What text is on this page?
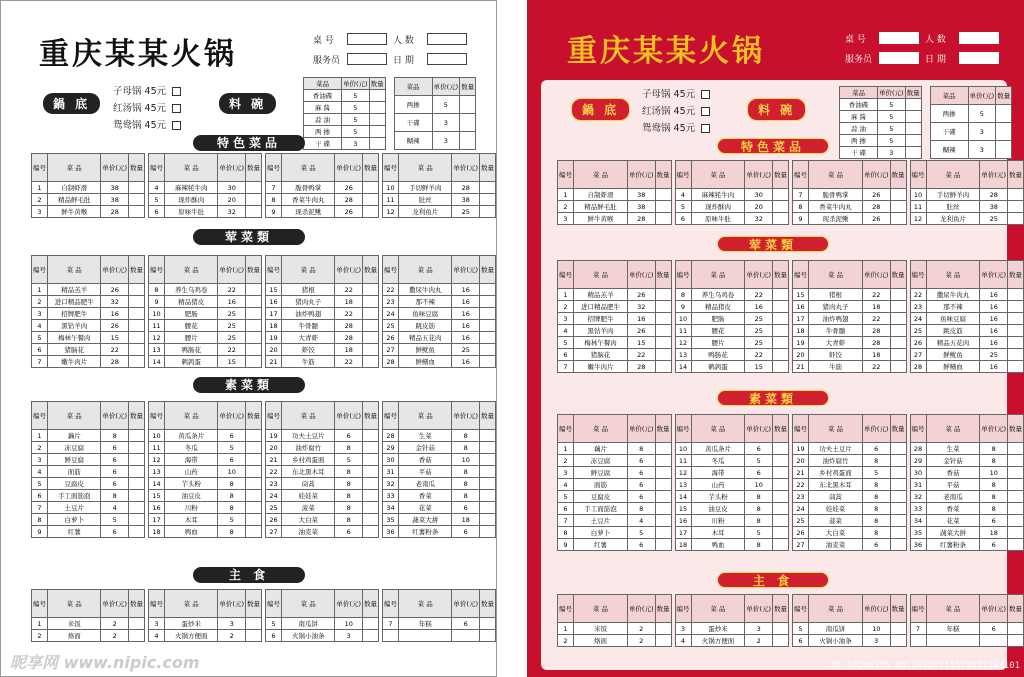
重庆某某火锅	桌 号	人 数
服务员	日 期
鍋 底	料 碗
子母锅 45元
红汤锅 45元
鸳鸯锅 45元
菜品	单价(元)	数量
香油碟	5	
麻 酱	5	
蒜 油	5	
两 掺	5	
干 碟	3	
菜品	单价(元)	数量
两掺	5	
干碟	3	
糊辣	3	
特色菜品
编号	菜 品	单价(元)	数量
1	自制虾滑	38	
2	精品鲜毛肚	38	
3	鲜牛黄喉	28	
编号	菜 品	单价(元)	数量
4	麻辣牦牛肉	30	
5	现炸酥肉	20	
6	原味牛肚	32	
编号	菜 品	单价(元)	数量
7	脆骨鸭掌	26	
8	香菜牛肉丸	28	
9	现杀泥鳅	26	
编号	菜 品	单价(元)	数量
10	手切鲜羊肉	28	
11	肚丝	38	
12	龙利鱼片	25	
荤菜類
编号	菜 品	单价(元)	数量
1	精品羔羊	26	
2	进口精品肥牛	32	
3	招牌肥牛	16	
4	黑钻羊肉	26	
5	梅林午餐肉	15	
6	猪脑花	22	
7	嫩牛肉片	28	
编号	菜 品	单价(元)	数量
8	养生乌鸡卷	22	
9	精品猪皮	16	
10	肥肠	25	
11	腰花	25	
12	腰片	25	
13	鸭肠花	22	
14	鹌鹑蛋	15	
编号	菜 品	单价(元)	数量
15	猪根	22	
16	猪肉丸子	18	
17	油炸鸭翅	22	
18	牛骨髓	28	
19	大青虾	28	
20	虾饺	18	
21	牛筋	22	
编号	菜 品	单价(元)	数量
22	撒尿牛肉丸	16	
23	那不辣	16	
24	鱼味豆腐	16	
25	跳皮筋	16	
26	精品五花肉	16	
27	鲜鱿鱼	25	
28	鲜鳝血	16	
素菜類
编号	菜 品	单价(元)	数量
1	藕片	8	
2	冻豆腐	6	
3	鲜豆腐	6	
4	面筋	6	
5	豆腐皮	6	
6	手工面筋泡	8	
7	土豆片	4	
8	白萝卜	5	
9	红薯	6	
编号	菜 品	单价(元)	数量
10	黄瓜条片	6	
11	冬瓜	5	
12	海带	6	
13	山药	10	
14	芋头粉	8	
15	油豆皮	8	
16	川粉	8	
17	木耳	5	
18	鸭血	8	
编号	菜 品	单价(元)	数量
19	功夫土豆片	6	
20	油炸腐竹	8	
21	乡村鸡蛋面	5	
22	东北黑木耳	8	
23	茼蒿	8	
24	娃娃菜	8	
25	菠菜	8	
26	大白菜	8	
27	油麦菜	6	
编号	菜 品	单价(元)	数量
28	生菜	8	
29	金针菇	8	
30	香菇	10	
31	平菇	8	
32	老南瓜	8	
33	香菜	8	
34	花菜	6	
35	蔬菜大拼	18	
36	红薯粉条	6	
主 食
编号	菜 品	单价(元)	数量
1	米饭	2	
2	烙面	2	
编号	菜 品	单价(元)	数量
3	蛋炒米	3	
4	火锅方便面	2	
编号	菜 品	单价(元)	数量
5	南瓜饼	10	
6	火锅小油条	3	
编号	菜 品	单价(元)	数量
7	年糕	6	

重庆某某火锅	桌 号	人 数
服务员	日 期
鍋 底	料 碗
子母锅 45元
红汤锅 45元
鸳鸯锅 45元
菜品	单价(元)	数量
香油碟	5	
麻 酱	5	
蒜 油	5	
两 掺	5	
干 碟	3	
菜品	单价(元)	数量
两掺	5	
干碟	3	
糊辣	3	
特色菜品
编号	菜 品	单价(元)	数量
1	自制虾滑	38	
2	精品鲜毛肚	38	
3	鲜牛黄喉	28	
编号	菜 品	单价(元)	数量
4	麻辣牦牛肉	30	
5	现炸酥肉	20	
6	原味牛肚	32	
编号	菜 品	单价(元)	数量
7	脆骨鸭掌	26	
8	香菜牛肉丸	28	
9	现杀泥鳅	26	
编号	菜 品	单价(元)	数量
10	手切鲜羊肉	28	
11	肚丝	38	
12	龙利鱼片	25	
荤菜類
编号	菜 品	单价(元)	数量
1	精品羔羊	26	
2	进口精品肥牛	32	
3	招牌肥牛	16	
4	黑钻羊肉	26	
5	梅林午餐肉	15	
6	猪脑花	22	
7	嫩牛肉片	28	
编号	菜 品	单价(元)	数量
8	养生乌鸡卷	22	
9	精品猪皮	16	
10	肥肠	25	
11	腰花	25	
12	腰片	25	
13	鸭肠花	22	
14	鹌鹑蛋	15	
编号	菜 品	单价(元)	数量
15	猪根	22	
16	猪肉丸子	18	
17	油炸鸭翅	22	
18	牛骨髓	28	
19	大青虾	28	
20	虾饺	18	
21	牛筋	22	
编号	菜 品	单价(元)	数量
22	撒尿牛肉丸	16	
23	那不辣	16	
24	鱼味豆腐	16	
25	跳皮筋	16	
26	精品五花肉	16	
27	鲜鱿鱼	25	
28	鲜鳝血	16	
素菜類
编号	菜 品	单价(元)	数量
1	藕片	8	
2	冻豆腐	6	
3	鲜豆腐	6	
4	面筋	6	
5	豆腐皮	6	
6	手工面筋泡	8	
7	土豆片	4	
8	白萝卜	5	
9	红薯	6	
编号	菜 品	单价(元)	数量
10	黄瓜条片	6	
11	冬瓜	5	
12	海带	6	
13	山药	10	
14	芋头粉	8	
15	油豆皮	8	
16	川粉	8	
17	木耳	5	
18	鸭血	8	
编号	菜 品	单价(元)	数量
19	功夫土豆片	6	
20	油炸腐竹	8	
21	乡村鸡蛋面	5	
22	东北黑木耳	8	
23	茼蒿	8	
24	娃娃菜	8	
25	菠菜	8	
26	大白菜	8	
27	油麦菜	6	
编号	菜 品	单价(元)	数量
28	生菜	8	
29	金针菇	8	
30	香菇	10	
31	平菇	8	
32	老南瓜	8	
33	香菜	8	
34	花菜	6	
35	蔬菜大拼	18	
36	红薯粉条	6	
主 食
编号	菜 品	单价(元)	数量
1	米饭	2	
2	烙面	2	
编号	菜 品	单价(元)	数量
3	蛋炒米	3	
4	火锅方便面	2	
编号	菜 品	单价(元)	数量
5	南瓜饼	10	
6	火锅小油条	3	
编号	菜 品	单价(元)	数量
7	年糕	6	

昵享网 www.nipic.com	ID:10200175 NO:20220715172021103101
